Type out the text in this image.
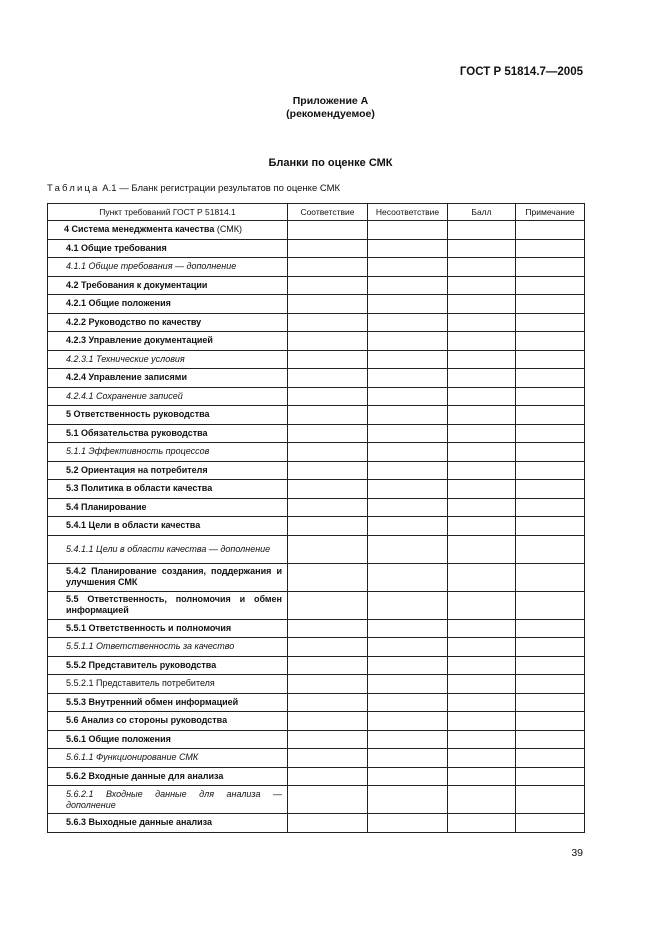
ГОСТ Р 51814.7—2005
Приложение А
(рекомендуемое)
Бланки по оценке СМК
Таблица А.1 — Бланк регистрации результатов по оценке СМК
Пункт требований ГОСТ Р 51814.1	Соответствие	Несоответствие	Балл	Примечание
4 Система менеджмента качества (СМК)				
4.1 Общие требования				
4.1.1 Общие требования — дополнение				
4.2 Требования к документации				
4.2.1 Общие положения				
4.2.2 Руководство по качеству				
4.2.3 Управление документацией				
4.2.3.1 Технические условия				
4.2.4 Управление записями				
4.2.4.1 Сохранение записей				
5 Ответственность руководства				
5.1 Обязательства руководства				
5.1.1 Эффективность процессов				
5.2 Ориентация на потребителя				
5.3 Политика в области качества				
5.4 Планирование				
5.4.1 Цели в области качества				
5.4.1.1 Цели в области качества — дополнение				
5.4.2 Планирование создания, поддержания и улучшения СМК				
5.5 Ответственность, полномочия и обмен информацией				
5.5.1 Ответственность и полномочия				
5.5.1.1 Ответственность за качество				
5.5.2 Представитель руководства				
5.5.2.1 Представитель потребителя				
5.5.3 Внутренний обмен информацией				
5.6 Анализ со стороны руководства				
5.6.1 Общие положения				
5.6.1.1 Функционирование СМК				
5.6.2 Входные данные для анализа				
5.6.2.1 Входные данные для анализа — дополнение				
5.6.3 Выходные данные анализа				
39
